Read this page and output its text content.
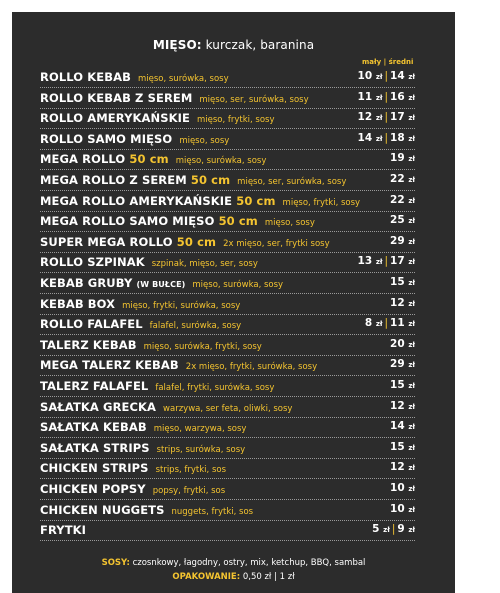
MIĘSO: kurczak, baranina
mały | średni
ROLLO KEBAB mięso, surówka, sosy	10 zł | 14 zł
ROLLO KEBAB Z SEREM mięso, ser, surówka, sosy	11 zł | 16 zł
ROLLO AMERYKAŃSKIE mięso, frytki, sosy	12 zł | 17 zł
ROLLO SAMO MIĘSO mięso, sosy	14 zł | 18 zł
MEGA ROLLO 50 cm mięso, surówka, sosy	19 zł
MEGA ROLLO Z SEREM 50 cm mięso, ser, surówka, sosy	22 zł
MEGA ROLLO AMERYKAŃSKIE 50 cm mięso, frytki, sosy	22 zł
MEGA ROLLO SAMO MIĘSO 50 cm mięso, sosy	25 zł
SUPER MEGA ROLLO 50 cm 2x mięso, ser, frytki sosy	29 zł
ROLLO SZPINAK szpinak, mięso, ser, sosy	13 zł | 17 zł
KEBAB GRUBY (W BUŁCE) mięso, surówka, sosy	15 zł
KEBAB BOX mięso, frytki, surówka, sosy	12 zł
ROLLO FALAFEL falafel, surówka, sosy	8 zł | 11 zł
TALERZ KEBAB mięso, surówka, frytki, sosy	20 zł
MEGA TALERZ KEBAB 2x mięso, frytki, surówka, sosy	29 zł
TALERZ FALAFEL falafel, frytki, surówka, sosy	15 zł
SAŁATKA GRECKA warzywa, ser feta, oliwki, sosy	12 zł
SAŁATKA KEBAB mięso, warzywa, sosy	14 zł
SAŁATKA STRIPS strips, surówka, sosy	15 zł
CHICKEN STRIPS strips, frytki, sos	12 zł
CHICKEN POPSY popsy, frytki, sos	10 zł
CHICKEN NUGGETS nuggets, frytki, sos	10 zł
FRYTKI	5 zł | 9 zł
SOSY: czosnkowy, łagodny, ostry, mix, ketchup, BBQ, sambal
OPAKOWANIE: 0,50 zł | 1 zł
